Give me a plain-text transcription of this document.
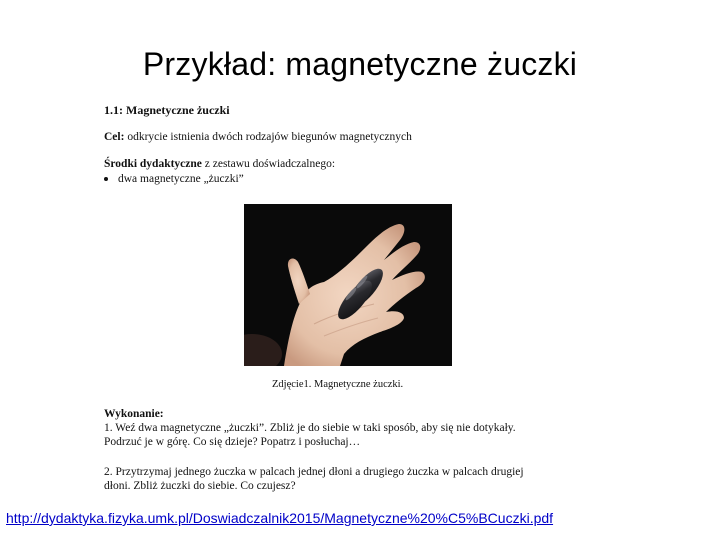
Przykład: magnetyczne żuczki
1.1: Magnetyczne żuczki
Cel: odkrycie istnienia dwóch rodzajów biegunów magnetycznych
Środki dydaktyczne z zestawu doświadczalnego:
dwa magnetyczne „żuczki”
Zdjęcie1. Magnetyczne żuczki.
Wykonanie:
1. Weź dwa magnetyczne „żuczki”. Zbliż je do siebie w taki sposób, aby się nie dotykały.
Podrzuć je w górę. Co się dzieje? Popatrz i posłuchaj…
2. Przytrzymaj jednego żuczka w palcach jednej dłoni a drugiego żuczka w palcach drugiej
dłoni. Zbliż żuczki do siebie. Co czujesz?
http://dydaktyka.fizyka.umk.pl/Doswiadczalnik2015/Magnetyczne%20%C5%BCuczki.pdf
